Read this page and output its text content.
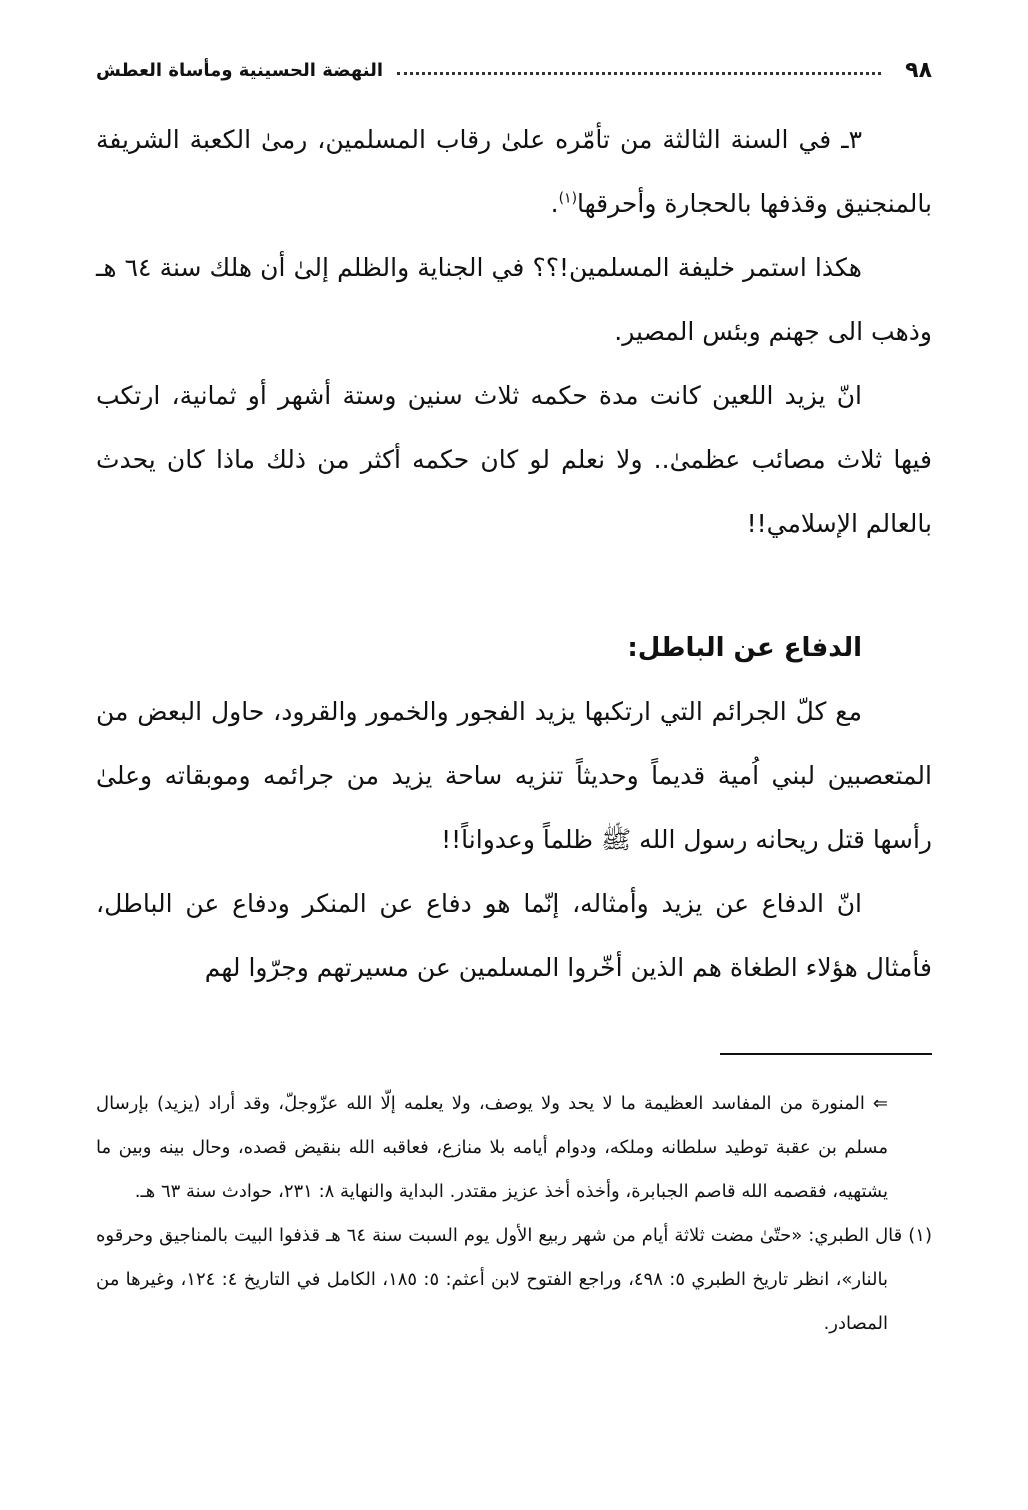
٩٨
النهضة الحسينية ومأساة العطش

٣ـ في السنة الثالثة من تأمّره علىٰ رقاب المسلمين، رمىٰ الكعبة الشريفة بالمنجنيق وقذفها بالحجارة وأحرقها$^{(١)}$.

هكذا استمر خليفة المسلمين!؟؟ في الجناية والظلم إلىٰ أن هلك سنة ٦٤ هـ وذهب الى جهنم وبئس المصير.

انّ يزيد اللعين كانت مدة حكمه ثلاث سنين وستة أشهر أو ثمانية، ارتكب فيها ثلاث مصائب عظمىٰ.. ولا نعلم لو كان حكمه أكثر من ذلك ماذا كان يحدث بالعالم الإسلامي!!

الدفاع عن الباطل:

مع كلّ الجرائم التي ارتكبها يزيد الفجور والخمور والقرود، حاول البعض من المتعصبين لبني اُمية قديماً وحديثاً تنزيه ساحة يزيد من جرائمه وموبقاته وعلىٰ رأسها قتل ريحانه رسول الله ﷺ ظلماً وعدواناً!!

انّ الدفاع عن يزيد وأمثاله، إنّما هو دفاع عن المنكر ودفاع عن الباطل، فأمثال هؤلاء الطغاة هم الذين أخّروا المسلمين عن مسيرتهم وجرّوا لهم

⇐المنورة من المفاسد العظيمة ما لا يحد ولا يوصف، ولا يعلمه إلّا الله عزّوجلّ، وقد أراد (يزيد) بإرسال مسلم بن عقبة توطيد سلطانه وملكه، ودوام أيامه بلا منازع، فعاقبه الله بنقيض قصده، وحال بينه وبين ما يشتهيه، فقصمه الله قاصم الجبابرة، وأخذه أخذ عزيز مقتدر. البداية والنهاية ٨: ٢٣١، حوادث سنة ٦٣ هـ.

(١) قال الطبري: «حتّىٰ مضت ثلاثة أيام من شهر ربيع الأول يوم السبت سنة ٦٤ هـ قذفوا البيت بالمناجيق وحرقوه بالنار»، انظر تاريخ الطبري ٥: ٤٩٨، وراجع الفتوح لابن أعثم: ٥: ١٨٥، الكامل في التاريخ ٤: ١٢٤، وغيرها من المصادر.
